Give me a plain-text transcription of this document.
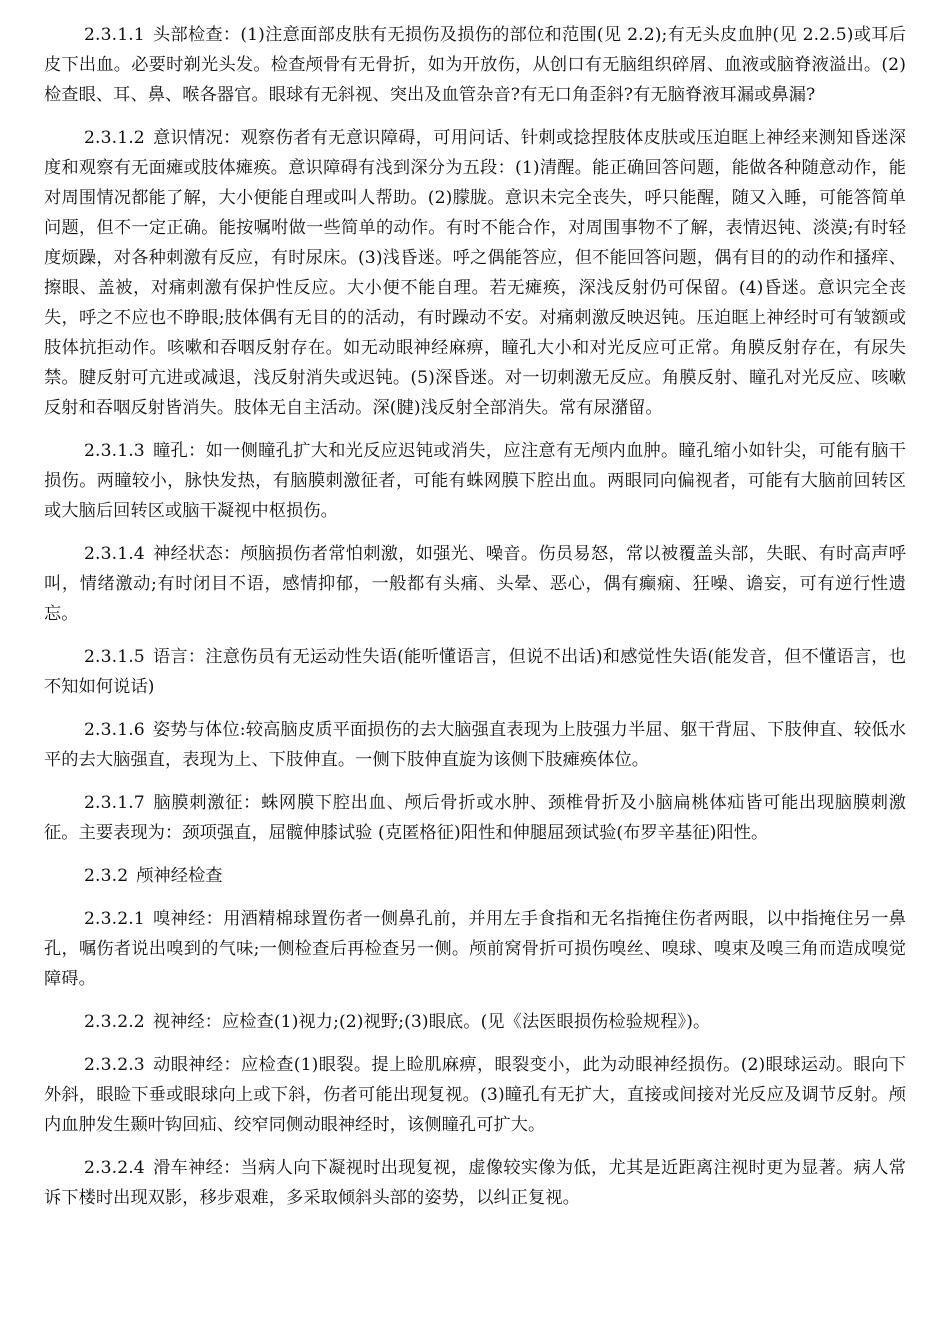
2.3.1.1 头部检查：(1)注意面部皮肤有无损伤及损伤的部位和范围(见 2.2);有无头皮血肿(见 2.2.5)或耳后皮下出血。必要时剃光头发。检查颅骨有无骨折，如为开放伤，从创口有无脑组织碎屑、血液或脑脊液溢出。(2)检查眼、耳、鼻、喉各器官。眼球有无斜视、突出及血管杂音?有无口角歪斜?有无脑脊液耳漏或鼻漏?

2.3.1.2 意识情况：观察伤者有无意识障碍，可用问话、针刺或捻捏肢体皮肤或压迫眶上神经来测知昏迷深度和观察有无面瘫或肢体瘫痪。意识障碍有浅到深分为五段：(1)清醒。能正确回答问题，能做各种随意动作，能对周围情况都能了解，大小便能自理或叫人帮助。(2)朦胧。意识未完全丧失，呼只能醒，随又入睡，可能答简单问题，但不一定正确。能按嘱咐做一些简单的动作。有时不能合作，对周围事物不了解，表情迟钝、淡漠;有时轻度烦躁，对各种刺激有反应，有时尿床。(3)浅昏迷。呼之偶能答应，但不能回答问题，偶有目的的动作和搔痒、擦眼、盖被，对痛刺激有保护性反应。大小便不能自理。若无瘫痪，深浅反射仍可保留。(4)昏迷。意识完全丧失，呼之不应也不睁眼;肢体偶有无目的的活动，有时躁动不安。对痛刺激反映迟钝。压迫眶上神经时可有皱额或肢体抗拒动作。咳嗽和吞咽反射存在。如无动眼神经麻痹，瞳孔大小和对光反应可正常。角膜反射存在，有尿失禁。腱反射可亢进或减退，浅反射消失或迟钝。(5)深昏迷。对一切刺激无反应。角膜反射、瞳孔对光反应、咳嗽反射和吞咽反射皆消失。肢体无自主活动。深(腱)浅反射全部消失。常有尿潴留。

2.3.1.3 瞳孔：如一侧瞳孔扩大和光反应迟钝或消失，应注意有无颅内血肿。瞳孔缩小如针尖，可能有脑干损伤。两瞳较小，脉快发热，有脑膜刺激征者，可能有蛛网膜下腔出血。两眼同向偏视者，可能有大脑前回转区或大脑后回转区或脑干凝视中枢损伤。

2.3.1.4 神经状态：颅脑损伤者常怕刺激，如强光、噪音。伤员易怒，常以被覆盖头部，失眠、有时高声呼叫，情绪激动;有时闭目不语，感情抑郁，一般都有头痛、头晕、恶心，偶有癫痫、狂噪、谵妄，可有逆行性遗忘。

2.3.1.5 语言：注意伤员有无运动性失语(能听懂语言，但说不出话)和感觉性失语(能发音，但不懂语言，也不知如何说话)

2.3.1.6 姿势与体位:较高脑皮质平面损伤的去大脑强直表现为上肢强力半屈、躯干背屈、下肢伸直、较低水平的去大脑强直，表现为上、下肢伸直。一侧下肢伸直旋为该侧下肢瘫痪体位。

2.3.1.7 脑膜刺激征：蛛网膜下腔出血、颅后骨折或水肿、颈椎骨折及小脑扁桃体疝皆可能出现脑膜刺激征。主要表现为：颈项强直，屈髋伸膝试验 (克匿格征)阳性和伸腿屈颈试验(布罗辛基征)阳性。

2.3.2 颅神经检查

2.3.2.1 嗅神经：用酒精棉球置伤者一侧鼻孔前，并用左手食指和无名指掩住伤者两眼，以中指掩住另一鼻孔，嘱伤者说出嗅到的气味;一侧检查后再检查另一侧。颅前窝骨折可损伤嗅丝、嗅球、嗅束及嗅三角而造成嗅觉障碍。

2.3.2.2 视神经：应检查(1)视力;(2)视野;(3)眼底。(见《法医眼损伤检验规程》)。

2.3.2.3 动眼神经：应检查(1)眼裂。提上睑肌麻痹，眼裂变小，此为动眼神经损伤。(2)眼球运动。眼向下外斜，眼睑下垂或眼球向上或下斜，伤者可能出现复视。(3)瞳孔有无扩大，直接或间接对光反应及调节反射。颅内血肿发生颞叶钩回疝、绞窄同侧动眼神经时，该侧瞳孔可扩大。

2.3.2.4 滑车神经：当病人向下凝视时出现复视，虚像较实像为低，尤其是近距离注视时更为显著。病人常诉下楼时出现双影，移步艰难，多采取倾斜头部的姿势，以纠正复视。
